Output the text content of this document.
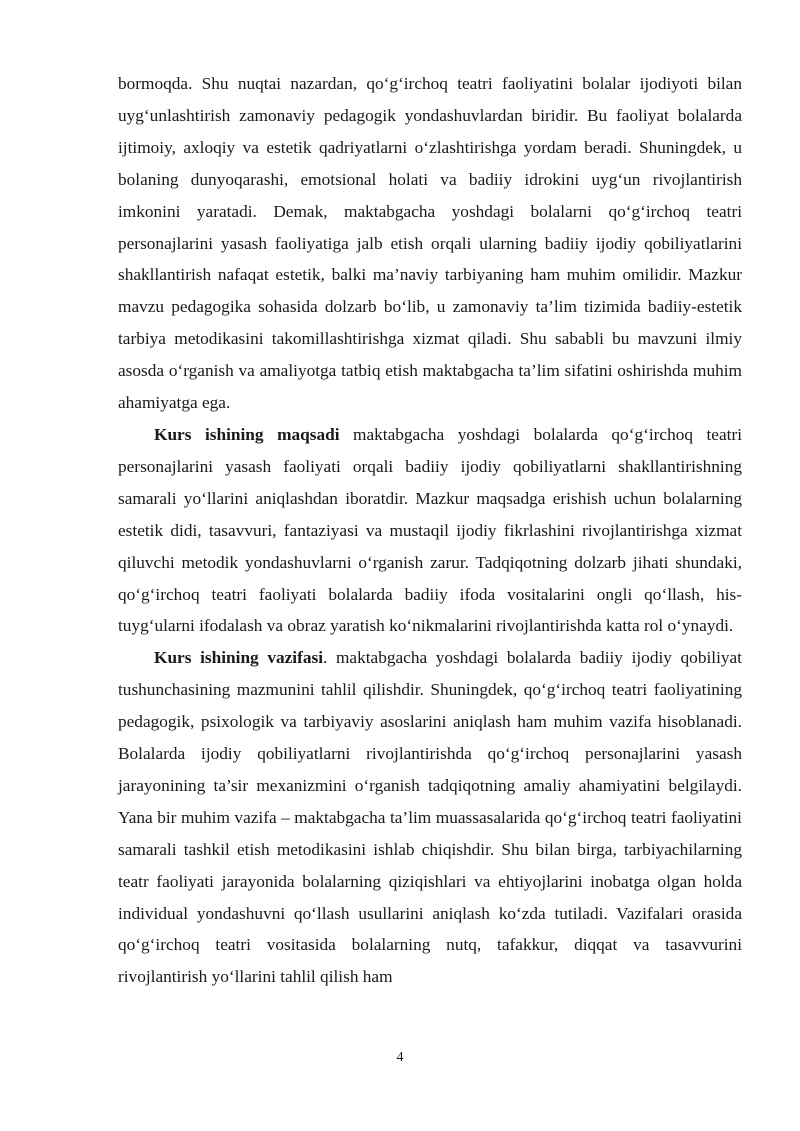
bormoqda. Shu nuqtai nazardan, qo‘g‘irchoq teatri faoliyatini bolalar ijodiyoti bilan uyg‘unlashtirish zamonaviy pedagogik yondashuvlardan biridir. Bu faoliyat bolalarda ijtimoiy, axloqiy va estetik qadriyatlarni o‘zlashtirishga yordam beradi. Shuningdek, u bolaning dunyoqarashi, emotsional holati va badiiy idrokini uyg‘un rivojlantirish imkonini yaratadi. Demak, maktabgacha yoshdagi bolalarni qo‘g‘irchoq teatri personajlarini yasash faoliyatiga jalb etish orqali ularning badiiy ijodiy qobiliyatlarini shakllantirish nafaqat estetik, balki ma’naviy tarbiyaning ham muhim omilidir. Mazkur mavzu pedagogika sohasida dolzarb bo‘lib, u zamonaviy ta’lim tizimida badiiy-estetik tarbiya metodikasini takomillashtirishga xizmat qiladi. Shu sababli bu mavzuni ilmiy asosda o‘rganish va amaliyotga tatbiq etish maktabgacha ta’lim sifatini oshirishda muhim ahamiyatga ega.

Kurs ishining maqsadi maktabgacha yoshdagi bolalarda qo‘g‘irchoq teatri personajlarini yasash faoliyati orqali badiiy ijodiy qobiliyatlarni shakllantirishning samarali yo‘llarini aniqlashdan iboratdir. Mazkur maqsadga erishish uchun bolalarning estetik didi, tasavvuri, fantaziyasi va mustaqil ijodiy fikrlashini rivojlantirishga xizmat qiluvchi metodik yondashuvlarni o‘rganish zarur. Tadqiqotning dolzarb jihati shundaki, qo‘g‘irchoq teatri faoliyati bolalarda badiiy ifoda vositalarini ongli qo‘llash, his-tuyg‘ularni ifodalash va obraz yaratish ko‘nikmalarini rivojlantirishda katta rol o‘ynaydi.

Kurs ishining vazifasi. maktabgacha yoshdagi bolalarda badiiy ijodiy qobiliyat tushunchasining mazmunini tahlil qilishdir. Shuningdek, qo‘g‘irchoq teatri faoliyatining pedagogik, psixologik va tarbiyaviy asoslarini aniqlash ham muhim vazifa hisoblanadi. Bolalarda ijodiy qobiliyatlarni rivojlantirishda qo‘g‘irchoq personajlarini yasash jarayonining ta’sir mexanizmini o‘rganish tadqiqotning amaliy ahamiyatini belgilaydi. Yana bir muhim vazifa – maktabgacha ta’lim muassasalarida qo‘g‘irchoq teatri faoliyatini samarali tashkil etish metodikasini ishlab chiqishdir. Shu bilan birga, tarbiyachilarning teatr faoliyati jarayonida bolalarning qiziqishlari va ehtiyojlarini inobatga olgan holda individual yondashuvni qo‘llash usullarini aniqlash ko‘zda tutiladi. Vazifalari orasida qo‘g‘irchoq teatri vositasida bolalarning nutq, tafakkur, diqqat va tasavvurini rivojlantirish yo‘llarini tahlil qilish ham

4
